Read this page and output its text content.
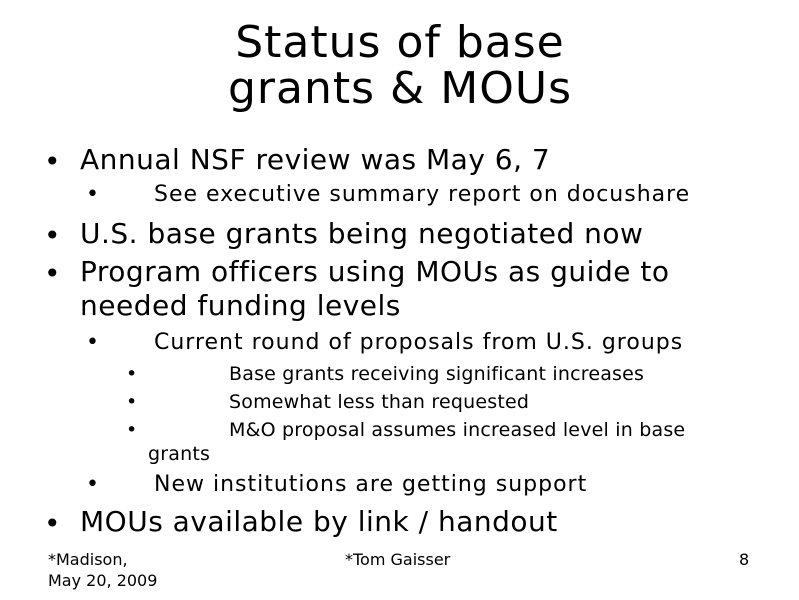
Status of base grants & MOUs
• Annual NSF review was May 6, 7
• See executive summary report on docushare
• U.S. base grants being negotiated now
• Program officers using MOUs as guide to
needed funding levels
• Current round of proposals from U.S. groups
•	Base grants receiving significant increases
•	Somewhat less than requested
•	M&O proposal assumes increased level in base
grants
• New institutions are getting support
• MOUs available by link / handout
*Madison,
May 20, 2009
*Tom Gaisser	8
